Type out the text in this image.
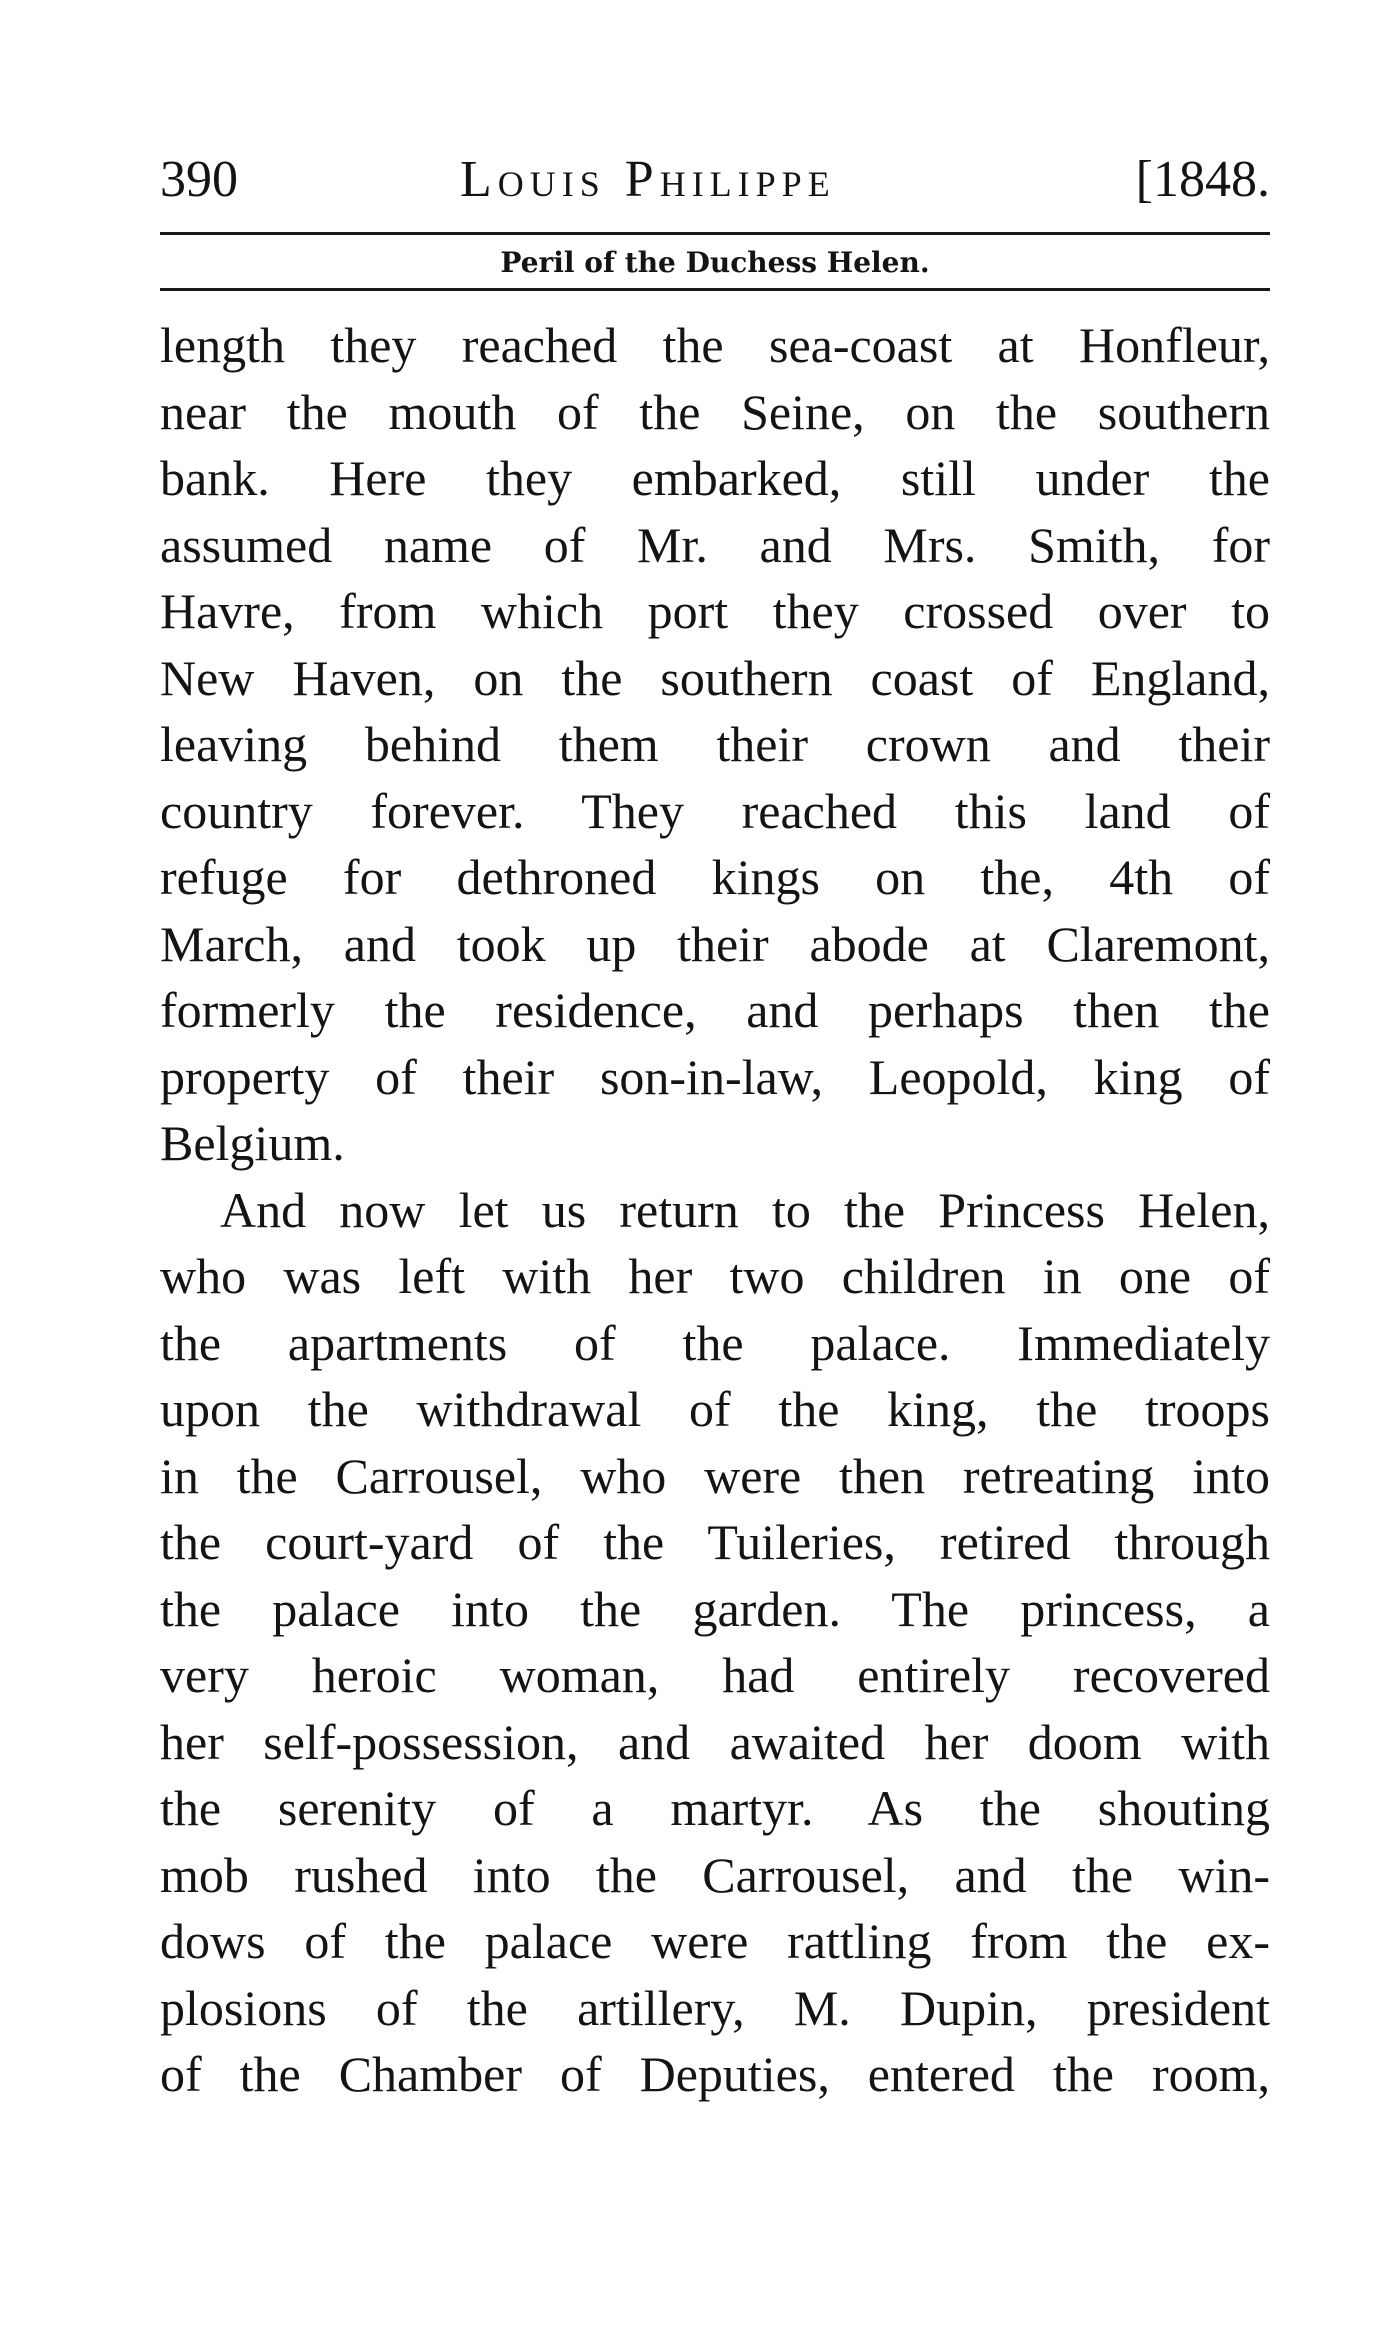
390	Louis Philippe	[1848.
Peril of the Duchess Helen.
length they reached the sea-coast at Honfleur,
near the mouth of the Seine, on the southern
bank. Here they embarked, still under the
assumed name of Mr. and Mrs. Smith, for
Havre, from which port they crossed over to
New Haven, on the southern coast of England,
leaving behind them their crown and their
country forever. They reached this land of
refuge for dethroned kings on the, 4th of
March, and took up their abode at Claremont,
formerly the residence, and perhaps then the
property of their son-in-law, Leopold, king of
Belgium.
And now let us return to the Princess Helen,
who was left with her two children in one of
the apartments of the palace. Immediately
upon the withdrawal of the king, the troops
in the Carrousel, who were then retreating into
the court-yard of the Tuileries, retired through
the palace into the garden. The princess, a
very heroic woman, had entirely recovered
her self-possession, and awaited her doom with
the serenity of a martyr. As the shouting
mob rushed into the Carrousel, and the win-
dows of the palace were rattling from the ex-
plosions of the artillery, M. Dupin, president
of the Chamber of Deputies, entered the room,
